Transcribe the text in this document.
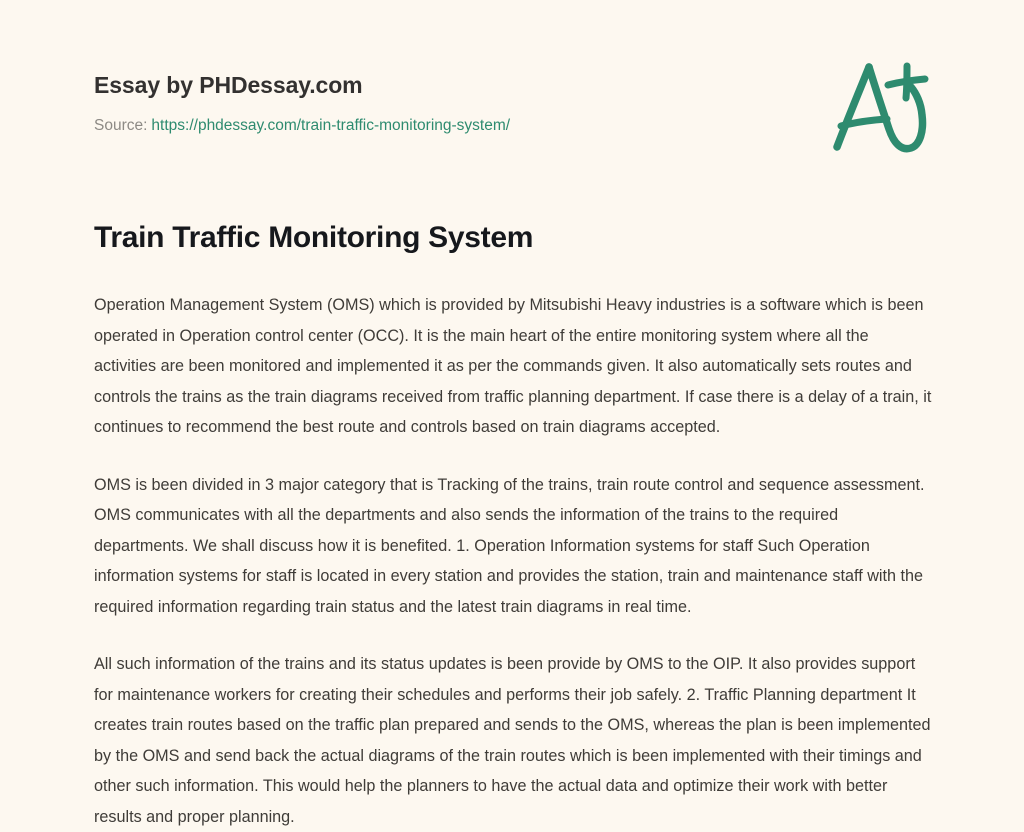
Essay by PHDessay.com
Source: https://phdessay.com/train-traffic-monitoring-system/
Train Traffic Monitoring System

Operation Management System (OMS) which is provided by Mitsubishi Heavy industries is a software which is been operated in Operation control center (OCC). It is the main heart of the entire monitoring system where all the activities are been monitored and implemented it as per the commands given. It also automatically sets routes and controls the trains as the train diagrams received from traffic planning department. If case there is a delay of a train, it continues to recommend the best route and controls based on train diagrams accepted.

OMS is been divided in 3 major category that is Tracking of the trains, train route control and sequence assessment. OMS communicates with all the departments and also sends the information of the trains to the required departments. We shall discuss how it is benefited. 1. Operation Information systems for staff Such Operation information systems for staff is located in every station and provides the station, train and maintenance staff with the required information regarding train status and the latest train diagrams in real time.

All such information of the trains and its status updates is been provide by OMS to the OIP. It also provides support for maintenance workers for creating their schedules and performs their job safely. 2. Traffic Planning department It creates train routes based on the traffic plan prepared and sends to the OMS, whereas the plan is been implemented by the OMS and send back the actual diagrams of the train routes which is been implemented with their timings and other such information. This would help the planners to have the actual data and optimize their work with better results and proper planning.
